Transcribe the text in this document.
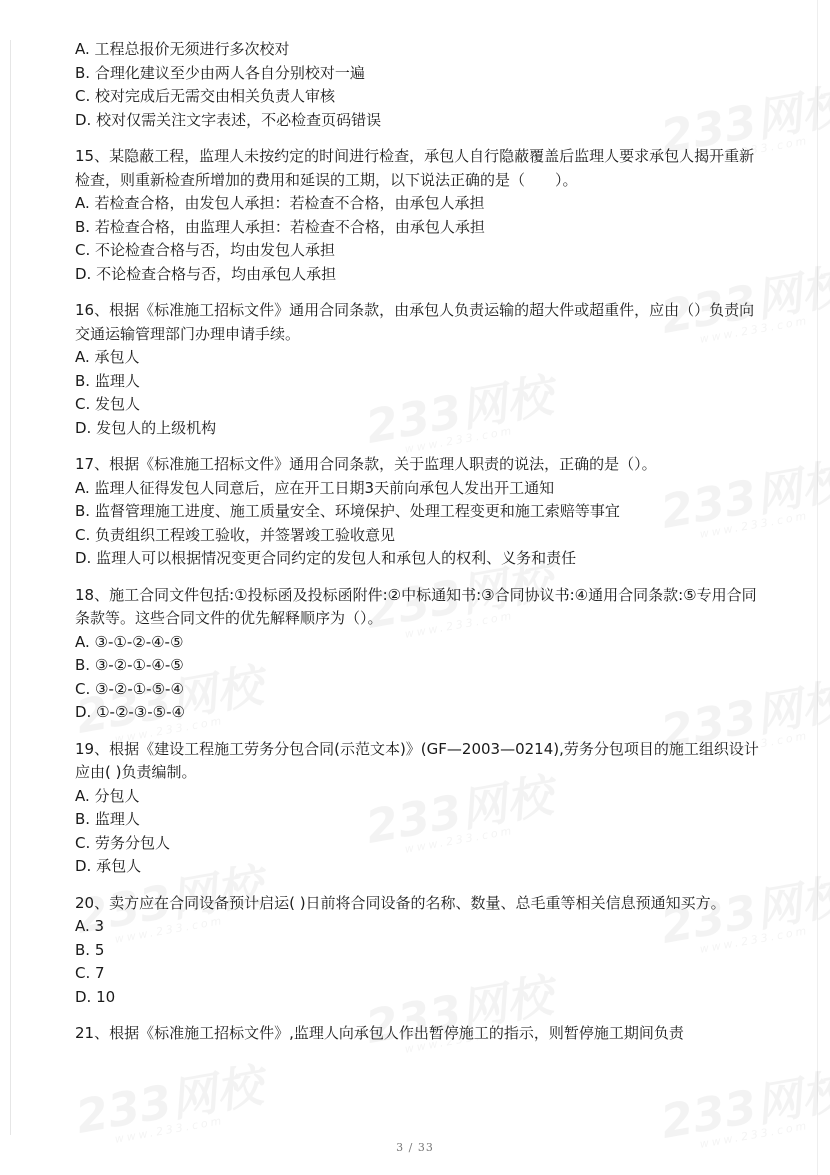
A. 工程总报价无须进行多次校对
B. 合理化建议至少由两人各自分别校对一遍
C. 校对完成后无需交由相关负责人审核
D. 校对仅需关注文字表述，不必检查页码错误
15、某隐蔽工程，监理人未按约定的时间进行检查，承包人自行隐蔽覆盖后监理人要求承包人揭开重新检查，则重新检查所增加的费用和延误的工期，以下说法正确的是（　　）。
A. 若检查合格，由发包人承担：若检查不合格，由承包人承担
B. 若检查合格，由监理人承担：若检查不合格，由承包人承担
C. 不论检查合格与否，均由发包人承担
D. 不论检查合格与否，均由承包人承担
16、根据《标准施工招标文件》通用合同条款，由承包人负责运输的超大件或超重件，应由（）负责向交通运输管理部门办理申请手续。
A. 承包人
B. 监理人
C. 发包人
D. 发包人的上级机构
17、根据《标准施工招标文件》通用合同条款，关于监理人职责的说法，正确的是（）。
A. 监理人征得发包人同意后，应在开工日期3天前向承包人发出开工通知
B. 监督管理施工进度、施工质量安全、环境保护、处理工程变更和施工索赔等事宜
C. 负责组织工程竣工验收，并签署竣工验收意见
D. 监理人可以根据情况变更合同约定的发包人和承包人的权利、义务和责任
18、施工合同文件包括:①投标函及投标函附件:②中标通知书:③合同协议书:④通用合同条款:⑤专用合同条款等。这些合同文件的优先解释顺序为（）。
A. ③-①-②-④-⑤
B. ③-②-①-④-⑤
C. ③-②-①-⑤-④
D. ①-②-③-⑤-④
19、根据《建设工程施工劳务分包合同(示范文本)》(GF—2003—0214),劳务分包项目的施工组织设计应由( )负责编制。
A. 分包人
B. 监理人
C. 劳务分包人
D. 承包人
20、卖方应在合同设备预计启运( )日前将合同设备的名称、数量、总毛重等相关信息预通知买方。
A. 3
B. 5
C. 7
D. 10
21、根据《标准施工招标文件》,监理人向承包人作出暂停施工的指示，则暂停施工期间负责
3 / 33
